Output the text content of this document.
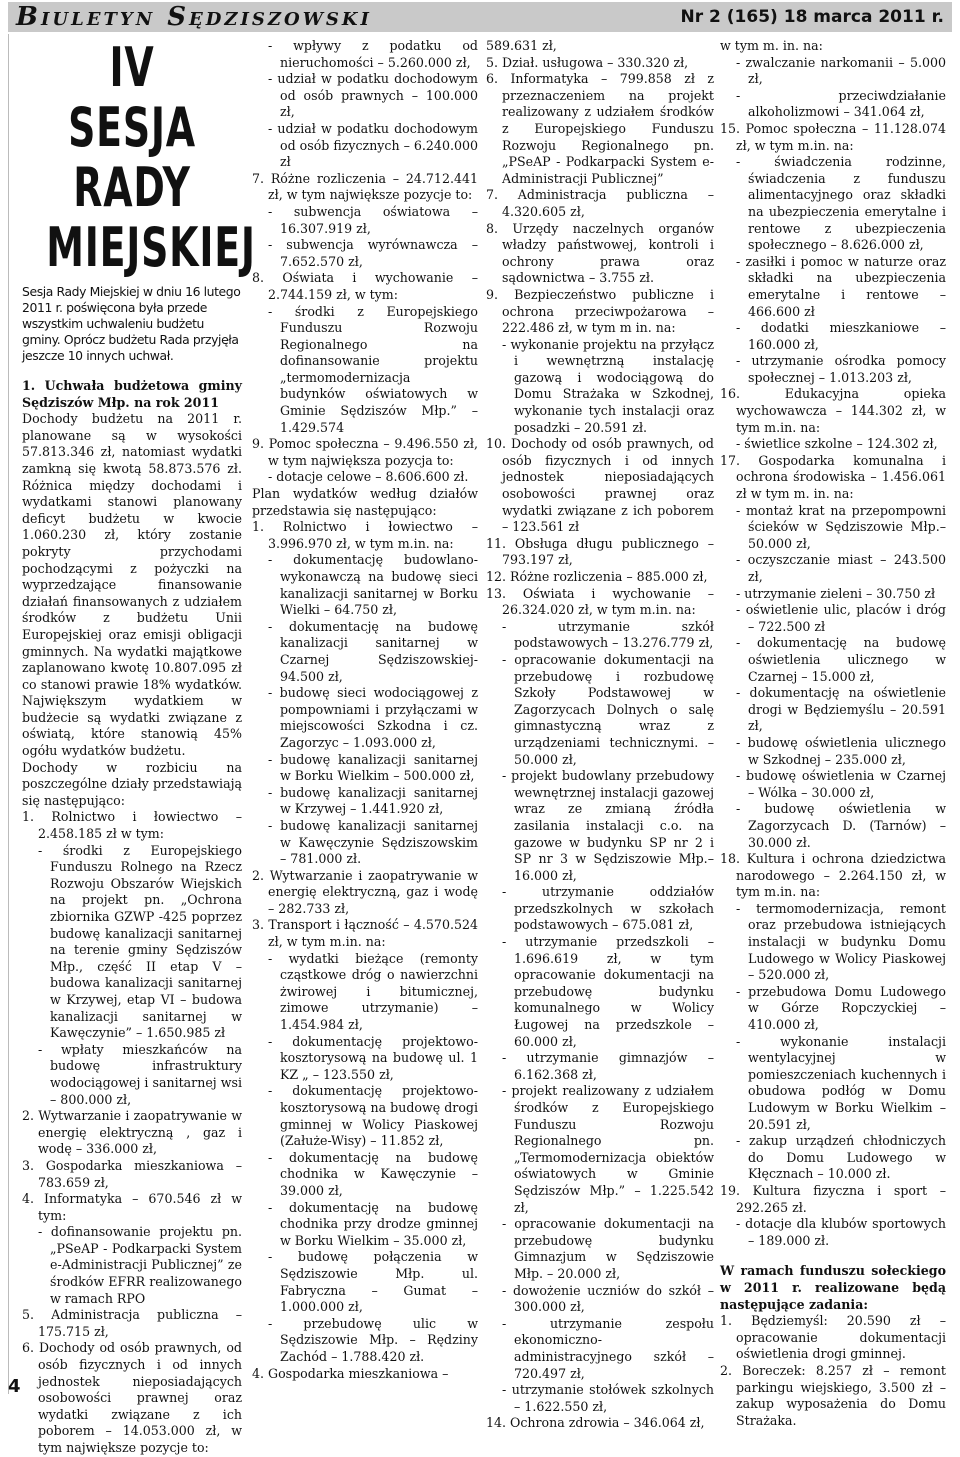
Biuletyn Sędziszowski	Nr 2 (165) 18 marca 2011 r.
4
IV SESJA RADY MIEJSKIEJ
Sesja Rady Miejskiej w dniu 16 lutego 2011 r. poświęcona była przede wszystkim uchwaleniu budżetu gminy. Oprócz budżetu Rada przyjęła jeszcze 10 innych uchwał.

1. Uchwała budżetowa gminy Sędziszów Młp. na rok 2011

Dochody budżetu na 2011 r. planowane są w wysokości 57.813.346 zł, natomiast wydatki zamkną się kwotą 58.873.576 zł. Różnica między dochodami i wydatkami stanowi planowany deficyt budżetu w kwocie 1.060.230 zł, który zostanie pokryty przychodami pochodzącymi z pożyczki na wyprzedzające finansowanie działań finansowanych z udziałem środków z budżetu Unii Europejskiej oraz emisji obligacji gminnych. Na wydatki majątkowe zaplanowano kwotę 10.807.095 zł co stanowi prawie 18% wydatków. Największym wydatkiem w budżecie są wydatki związane z oświatą, które stanowią 45% ogółu wydatków budżetu.

Dochody w rozbiciu na poszczególne działy przedstawiają się następująco:

1. Rolnictwo i łowiectwo – 2.458.185 zł w tym:

- środki z Europejskiego Funduszu Rolnego na Rzecz Rozwoju Obszarów Wiejskich na projekt pn. „Ochrona zbiornika GZWP -425 poprzez budowę kanalizacji sanitarnej na terenie gminy Sędziszów Młp., część II etap V – budowa kanalizacji sanitarnej w Krzywej, etap VI – budowa kanalizacji sanitarnej w Kawęczynie” – 1.650.985 zł

- wpłaty mieszkańców na budowę infrastruktury wodociągowej i sanitarnej wsi – 800.000 zł,

2. Wytwarzanie i zaopatrywanie w energię elektryczną , gaz i wodę – 336.000 zł,

3. Gospodarka mieszkaniowa – 783.659 zł,

4. Informatyka – 670.546 zł w tym:

- dofinansowanie projektu pn. „PSeAP - Podkarpacki System e-Administracji Publicznej” ze środków EFRR realizowanego w ramach RPO

5. Administracja publiczna – 175.715 zł,

6. Dochody od osób prawnych, od osób fizycznych i od innych jednostek nieposiadających osobowości prawnej oraz wydatki związane z ich poborem – 14.053.000 zł, w tym największe pozycje to:

- wpływy z podatku od nieruchomości – 5.260.000 zł,

- udział w podatku dochodowym od osób prawnych – 100.000 zł,

- udział w podatku dochodowym od osób fizycznych – 6.240.000 zł

7. Różne rozliczenia – 24.712.441 zł, w tym największe pozycje to:

- subwencja oświatowa – 16.307.919 zł,

- subwencja wyrównawcza – 7.652.570 zł,

8. Oświata i wychowanie – 2.744.159 zł, w tym:

- środki z Europejskiego Funduszu Rozwoju Regionalnego na dofinansowanie projektu „termomodernizacja budynków oświatowych w Gminie Sędziszów Młp.” – 1.429.574

9. Pomoc społeczna – 9.496.550 zł, w tym największa pozycja to:

- dotacje celowe – 8.606.600 zł.

Plan wydatków według działów przedstawia się następująco:

1. Rolnictwo i łowiectwo – 3.996.970 zł, w tym m.in. na:

- dokumentację budowlano-wykonawczą na budowę sieci kanalizacji sanitarnej w Borku Wielki – 64.750 zł,

- dokumentację na budowę kanalizacji sanitarnej w Czarnej Sędziszowskiej- 94.500 zł,

- budowę sieci wodociągowej z pompowniami i przyłączami w miejscowości Szkodna i cz. Zagorzyc – 1.093.000 zł,

- budowę kanalizacji sanitarnej w Borku Wielkim – 500.000 zł,

- budowę kanalizacji sanitarnej w Krzywej – 1.441.920 zł,

- budowę kanalizacji sanitarnej w Kawęczynie Sędziszowskim – 781.000 zł.

2. Wytwarzanie i zaopatrywanie w energię elektryczną, gaz i wodę – 282.733 zł,

3. Transport i łączność – 4.570.524 zł, w tym m.in. na:

- wydatki bieżące (remonty cząstkowe dróg o nawierzchni żwirowej i bitumicznej, zimowe utrzymanie) – 1.454.984 zł,

- dokumentację projektowo-kosztorysową na budowę ul. 1 KZ „ – 123.550 zł,

- dokumentację projektowo-kosztorysową na budowę drogi gminnej w Wolicy Piaskowej (Załuże-Wisy) – 11.852 zł,

- dokumentację na budowę chodnika w Kawęczynie – 39.000 zł,

- dokumentację na budowę chodnika przy drodze gminnej w Borku Wielkim – 35.000 zł,

- budowę połączenia w Sędziszowie Młp. ul. Fabryczna – Gumat – 1.000.000 zł,

- przebudowę ulic w Sędziszowie Młp. – Rędziny Zachód – 1.788.420 zł.

4. Gospodarka mieszkaniowa –

589.631 zł,

5. Dział. usługowa – 330.320 zł,

6. Informatyka – 799.858 zł z przeznaczeniem na projekt realizowany z udziałem środków z Europejskiego Funduszu Rozwoju Regionalnego pn. „PSeAP - Podkarpacki System e-Administracji Publicznej”

7. Administracja publiczna – 4.320.605 zł,

8. Urzędy naczelnych organów władzy państwowej, kontroli i ochrony prawa oraz sądownictwa – 3.755 zł.

9. Bezpieczeństwo publiczne i ochrona przeciwpożarowa – 222.486 zł, w tym m in. na:

- wykonanie projektu na przyłącz i wewnętrzną instalację gazową i wodociągową do Domu Strażaka w Szkodnej, wykonanie tych instalacji oraz posadzki – 20.591 zł.

10. Dochody od osób prawnych, od osób fizycznych i od innych jednostek nieposiadających osobowości prawnej oraz wydatki związane z ich poborem – 123.561 zł

11. Obsługa długu publicznego – 793.197 zł,

12. Różne rozliczenia – 885.000 zł,

13. Oświata i wychowanie – 26.324.020 zł, w tym m.in. na:

- utrzymanie szkół podstawowych – 13.276.779 zł,

- opracowanie dokumentacji na przebudowę i rozbudowę Szkoły Podstawowej w Zagorzycach Dolnych o salę gimnastyczną wraz z urządzeniami technicznymi. – 50.000 zł,

- projekt budowlany przebudowy wewnętrznej instalacji gazowej wraz ze zmianą źródła zasilania instalacji c.o. na gazowe w budynku SP nr 2 i SP nr 3 w Sędziszowie Młp.– 16.000 zł,

- utrzymanie oddziałów przedszkolnych w szkołach podstawowych – 675.081 zł,

- utrzymanie przedszkoli – 1.696.619 zł, w tym opracowanie dokumentacji na przebudowę budynku komunalnego w Wolicy Ługowej na przedszkole – 60.000 zł,

- utrzymanie gimnazjów – 6.162.368 zł,

- projekt realizowany z udziałem środków z Europejskiego Funduszu Rozwoju Regionalnego pn. „Termomodernizacja obiektów oświatowych w Gminie Sędziszów Młp.” – 1.225.542 zł,

- opracowanie dokumentacji na przebudowę budynku Gimnazjum w Sędziszowie Młp. – 20.000 zł,

- dowożenie uczniów do szkół – 300.000 zł,

- utrzymanie zespołu ekonomiczno-administracyjnego szkół – 720.497 zł,

- utrzymanie stołówek szkolnych – 1.622.550 zł,

14. Ochrona zdrowia – 346.064 zł,

w tym m. in. na:

- zwalczanie narkomanii – 5.000 zł,

- przeciwdziałanie alkoholizmowi – 341.064 zł,

15. Pomoc społeczna – 11.128.074 zł, w tym m.in. na:

- świadczenia rodzinne, świadczenia z funduszu alimentacyjnego oraz składki na ubezpieczenia emerytalne i rentowe z ubezpieczenia społecznego – 8.626.000 zł,

- zasiłki i pomoc w naturze oraz składki na ubezpieczenia emerytalne i rentowe – 466.600 zł

- dodatki mieszkaniowe – 160.000 zł,

- utrzymanie ośrodka pomocy społecznej – 1.013.203 zł,

16. Edukacyjna opieka wychowawcza – 144.302 zł, w tym m.in. na:

- świetlice szkolne – 124.302 zł,

17. Gospodarka komunalna i ochrona środowiska – 1.456.061 zł w tym m. in. na:

- montaż krat na przepompowni ścieków w Sędziszowie Młp.– 50.000 zł,

- oczyszczanie miast – 243.500 zł,

- utrzymanie zieleni – 30.750 zł

- oświetlenie ulic, placów i dróg – 722.500 zł

- dokumentację na budowę oświetlenia ulicznego w Czarnej – 15.000 zł,

- dokumentację na oświetlenie drogi w Będziemyślu – 20.591 zł,

- budowę oświetlenia ulicznego w Szkodnej – 235.000 zł,

- budowę oświetlenia w Czarnej – Wólka – 30.000 zł,

- budowę oświetlenia w Zagorzycach D. (Tarnów) – 30.000 zł.

18. Kultura i ochrona dziedzictwa narodowego – 2.264.150 zł, w tym m.in. na:

- termomodernizacja, remont oraz przebudowa istniejących instalacji w budynku Domu Ludowego w Wolicy Piaskowej – 520.000 zł,

- przebudowa Domu Ludowego w Górze Ropczyckiej – 410.000 zł,

- wykonanie instalacji wentylacyjnej w pomieszczeniach kuchennych i obudowa podłóg w Domu Ludowym w Borku Wielkim – 20.591 zł,

- zakup urządzeń chłodniczych do Domu Ludowego w Kłęcznach – 10.000 zł.

19. Kultura fizyczna i sport – 292.265 zł.

- dotacje dla klubów sportowych – 189.000 zł.

W ramach funduszu sołeckiego w 2011 r. realizowane będą następujące zadania:

1. Będziemyśl: 20.590 zł – opracowanie dokumentacji oświetlenia drogi gminnej.

2. Boreczek: 8.257 zł – remont parkingu wiejskiego, 3.500 zł – zakup wyposażenia do Domu Strażaka.
